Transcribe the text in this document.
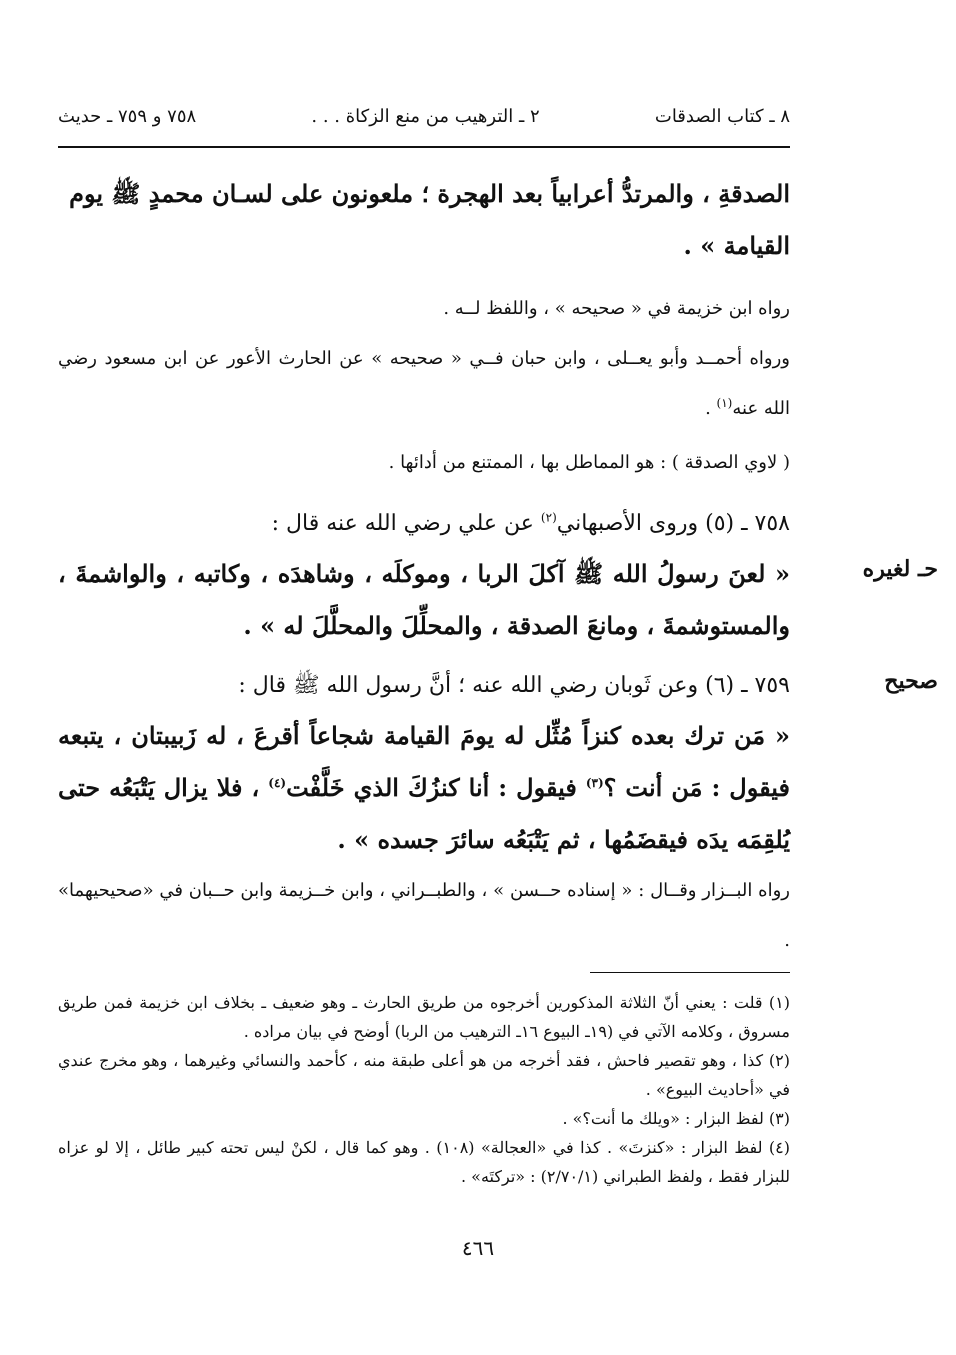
٨ ـ كتاب الصدقات
٢ ـ الترهيب من منع الزكاة . . .
٧٥٨ و ٧٥٩ ـ حديث
الصدقةِ ، والمرتدُّ أعرابياً بعد الهجرة ؛ ملعونون على لسـان محمدٍ ﷺ يوم
القيامة » .
رواه ابن خزيمة في « صحيحه » ، واللفظ لــه .
ورواه أحمــد وأبو يعــلى ، وابن حبان فــي « صحيحه » عن الحارث الأعور عن ابن مسعود رضي الله عنه$^{(١)}$ .
( لاوي الصدقة ) : هو المماطل بها ، الممتنع من أدائها .
حـ لغيره
٧٥٨ ـ (٥) وروى الأصبهاني$^{(٢)}$ عن علي رضي الله عنه قال :
« لعنَ رسولُ الله ﷺ آكلَ الربا ، وموكلَه ، وشاهدَه ، وكاتبه ، والواشمةَ ، والمستوشمةَ ، ومانعَ الصدقة ، والمحلِّلَ والمحلَّلَ له » .
صحيح
٧٥٩ ـ (٦) وعن ثَوبان رضي الله عنه ؛ أنَّ رسول الله ﷺ قال :
« مَن ترك بعده كنزاً مُثِّل له يومَ القيامة شجاعاً أقرعَ ، له زَبيبتان ، يتبعه فيقول : مَن أنت ؟$^{(٣)}$ فيقول : أنا كنزُكَ الذي خَلَّفْت$^{(٤)}$ ، فلا يزال يَتْبَعُه حتى يُلقِمَه يدَه فيقضَمُها ، ثم يَتْبَعُه سائرَ جسده » .
رواه البــزار وقــال : « إسناده حــسن » ، والطبــراني ، وابن خــزيمة وابن حــبان في «صحيحيهما» .

(١) قلت : يعني أنّ الثلاثة المذكورين أخرجوه من طريق الحارث ـ وهو ضعيف ـ بخلاف ابن خزيمة فمن طريق مسروق ، وكلامه الآتي في (١٩ـ البيوع ١٦ـ الترهيب من الربا) أوضح في بيان مراده .

(٢) كذا ، وهو تقصير فاحش ، فقد أخرجه من هو أعلى طبقة منه ، كأحمد والنسائي وغيرهما ، وهو مخرج عندي في «أحاديث البيوع» .

(٣) لفظ البزار : «ويلك ما أنت؟» .

(٤) لفظ البزار : «كنزتَ» . كذا في «العجالة» (١٠٨) . وهو كما قال ، لكنْ ليس تحته كبير طائل ، إلا لو عزاه للبزار فقط ، ولفظ الطبراني (٢/٧٠/١) : «تركتَه» .

٤٦٦
